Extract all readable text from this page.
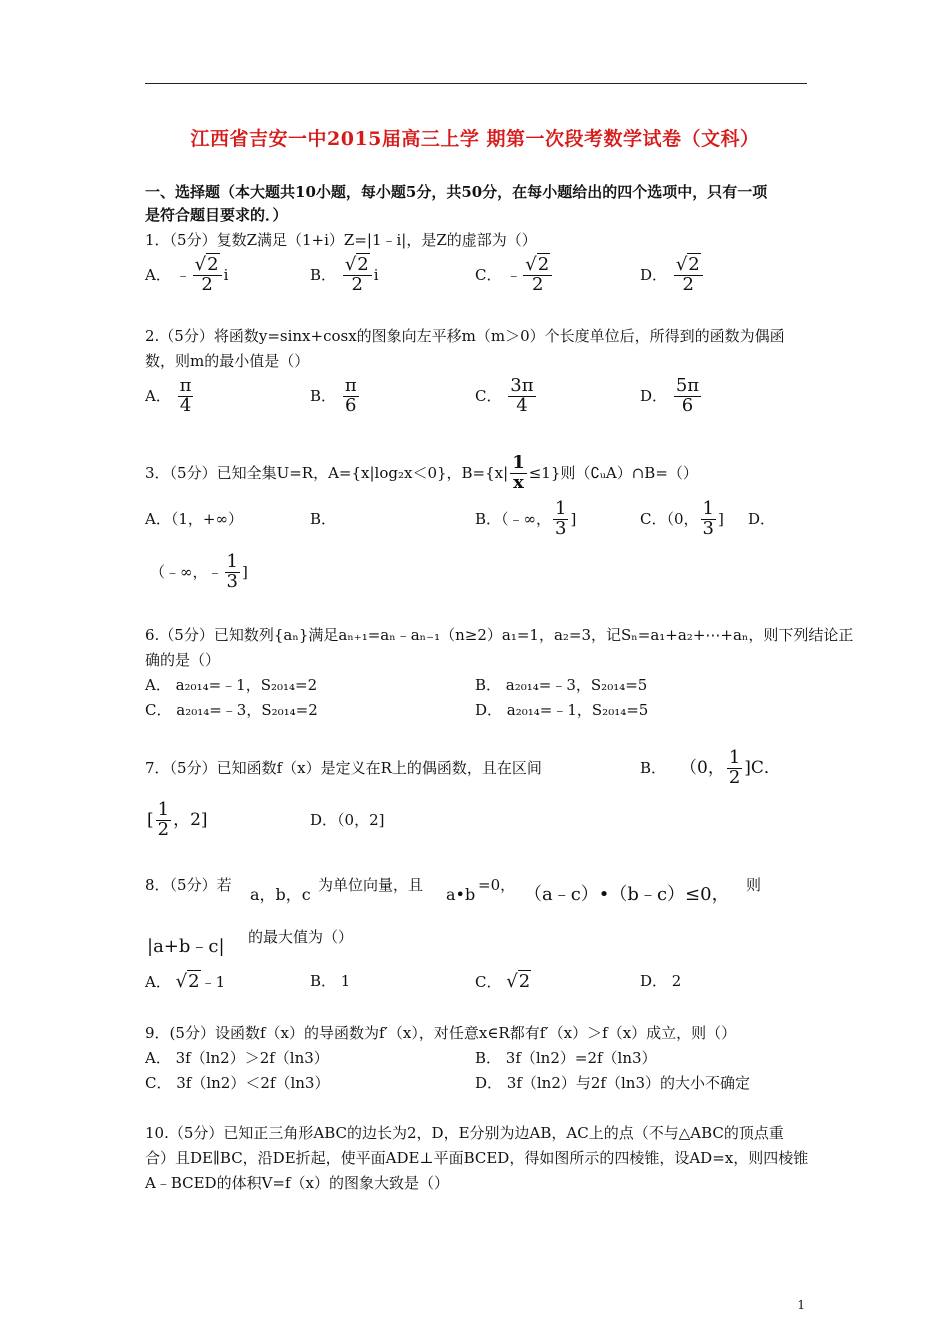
江西省吉安一中2015届高三上学 期第一次段考数学试卷（文科）
一、选择题（本大题共10小题，每小题5分，共50分，在每小题给出的四个选项中，只有一项
是符合题目要求的．）
1．（5分）复数Z满足（1+i）Z=|1﹣i|，是Z的虚部为（）
A．
﹣ $\frac{√2}{2}$ i	B．
$\frac{√2}{2}$ i	C．
﹣ $\frac{√2}{2}$	D．
$\frac{√2}{2}$
2.（5分）将函数y=sinx+cosx的图象向左平移m（m＞0）个长度单位后，所得到的函数为偶函
数，则m的最小值是（）
A．
$\frac{\pi}{4}$	B．
$\frac{\pi}{6}$	C．
$\frac{3\pi}{4}$	D．
$\frac{5\pi}{6}$
3．（5分）已知全集U=R，A={x|log₂x＜0}，$B=\{x| \frac{1}{x} \le 1\}$则（∁ᵤA）∩B=（）
A．（1，+∞）	B．	B．（﹣∞， $\frac{1}{3}$ ]	C．（0， $\frac{1}{3}$ ] D．
（﹣∞，﹣ $\frac{1}{3}$ ]
6.（5分）已知数列{aₙ}满足aₙ₊₁=aₙ﹣aₙ₋₁（n≥2）a₁=1，a₂=3，记Sₙ=a₁+a₂+⋯+aₙ，则下列结论正
确的是（）
A． a₂₀₁₄=﹣1，S₂₀₁₄=2	B． a₂₀₁₄=﹣3，S₂₀₁₄=5
C． a₂₀₁₄=﹣3，S₂₀₁₄=2	D． a₂₀₁₄=﹣1，S₂₀₁₄=5
7．（5分）已知函数f（x）是定义在R上的偶函数，且在区间	B． （0， $\frac{1}{2} ]C$．
[ $\frac{1}{2}$ ，2]	D．（0，2]
8．（5分）若 a，b，c 为单位向量，且 a•b =0， （a﹣c）•（b﹣c）≤0， 则
|a+b﹣c| 的最大值为（）
A．
√2 ﹣1	B． 1	C．
√2	D． 2
9．(5分）设函数f（x）的导函数为f′（x），对任意x∈R都有f′（x）＞f（x）成立，则（）
A． 3f（ln2）＞2f（ln3）	B． 3f（ln2）=2f（ln3）
C． 3f（ln2）＜2f（ln3）	D． 3f（ln2）与2f（ln3）的大小不确定
10.（5分）已知正三角形ABC的边长为2，D，E分别为边AB，AC上的点（不与△ABC的顶点重
合）且DE∥BC，沿DE折起，使平面ADE⊥平面BCED，得如图所示的四棱锥，设AD=x，则四棱锥
A﹣BCED的体积V=f（x）的图象大致是（）
1
